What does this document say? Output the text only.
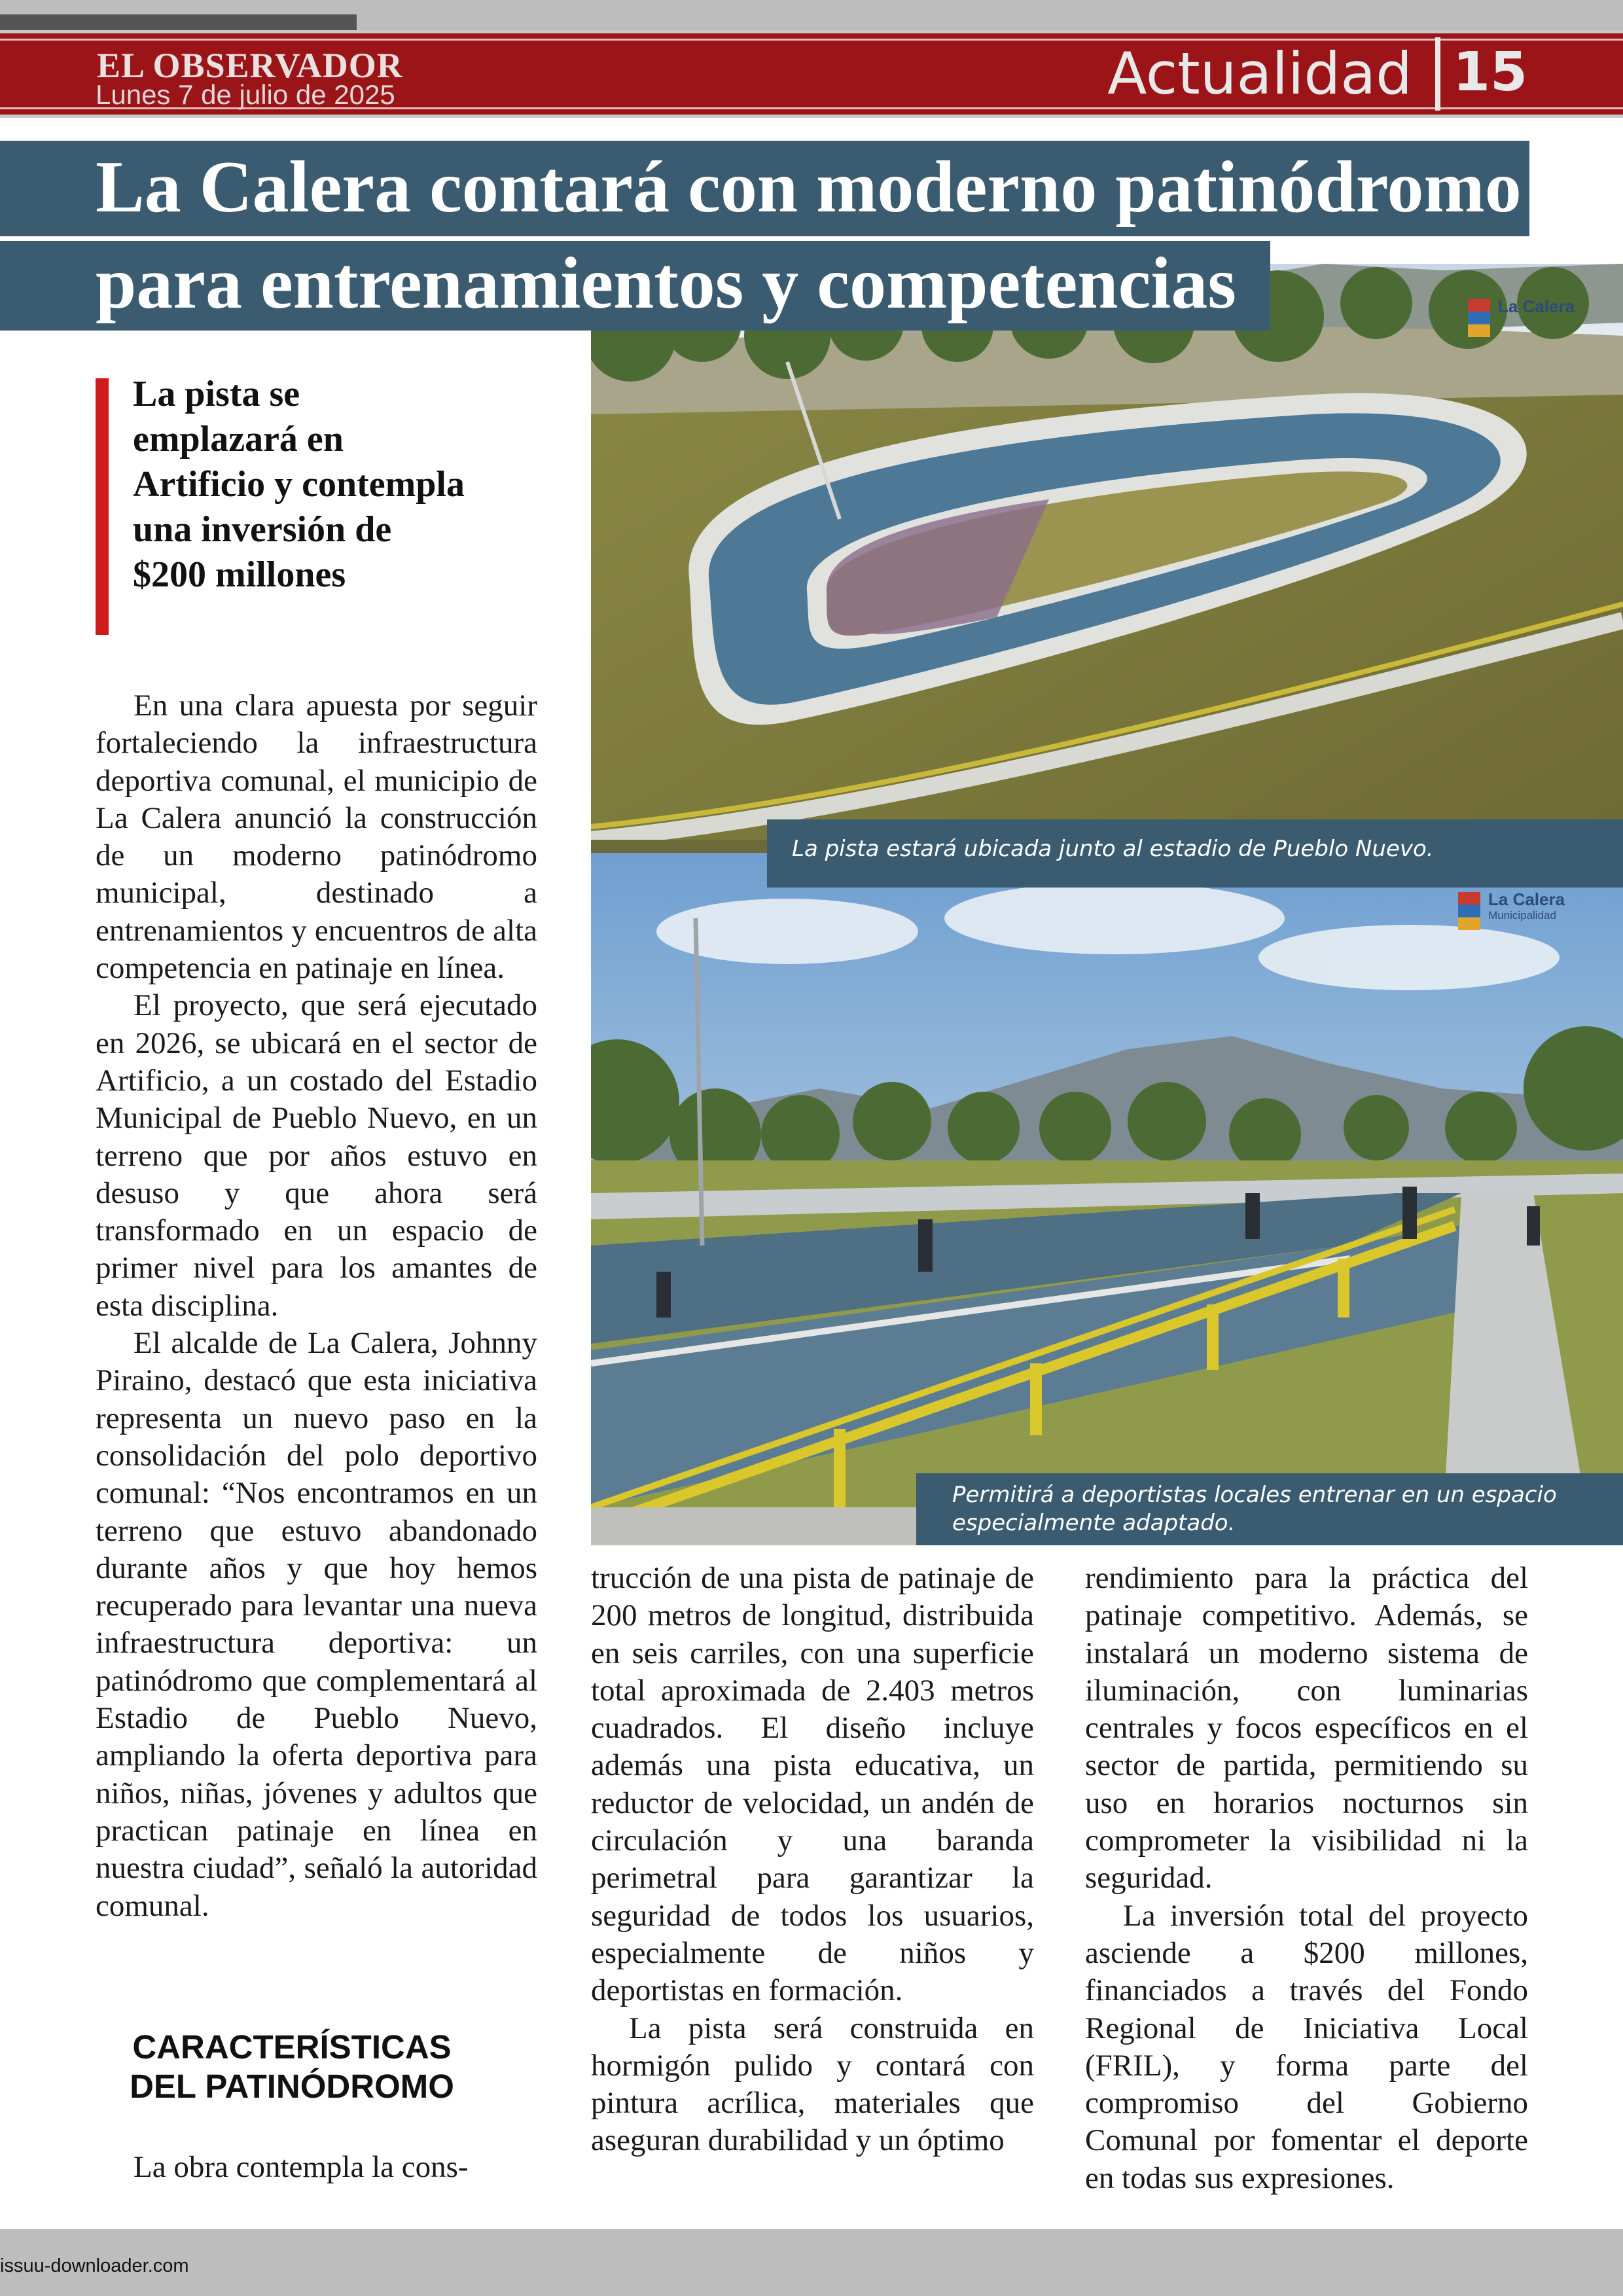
EL OBSERVADOR
Lunes 7 de julio de 2025	Actualidad 15
La Calera
La Calera
Municipalidad
La pista estará ubicada junto al estadio de Pueblo Nuevo.
Permitirá a deportistas locales entrenar en un espacio especialmente adaptado.
La Calera contará con moderno patinódromo
para entrenamientos y competencias
La pista se emplazará en Artificio y contempla una inversión de $200 millones

En una clara apuesta por seguir fortaleciendo la infraestructura deportiva comunal, el municipio de La Calera anunció la construcción de un moderno patinódromo municipal, destinado a entrenamientos y encuentros de alta competencia en patinaje en línea.

El proyecto, que será ejecutado en 2026, se ubicará en el sector de Artificio, a un costado del Estadio Municipal de Pueblo Nuevo, en un terreno que por años estuvo en desuso y que ahora será transformado en un espacio de primer nivel para los amantes de esta disciplina.

El alcalde de La Calera, Johnny Piraino, destacó que esta iniciativa representa un nuevo paso en la consolidación del polo deportivo comunal: “Nos encontramos en un terreno que estuvo abandonado durante años y que hoy hemos recuperado para levantar una nueva infraestructura deportiva: un patinódromo que complementará al Estadio de Pueblo Nuevo, ampliando la oferta deportiva para niños, niñas, jóvenes y adultos que practican patinaje en línea en nuestra ciudad”, señaló la autoridad comunal.

CARACTERÍSTICAS DEL PATINÓDROMO

La obra contempla la cons-

trucción de una pista de patinaje de 200 metros de longitud, distribuida en seis carriles, con una superficie total aproximada de 2.403 metros cuadrados. El diseño incluye además una pista educativa, un reductor de velocidad, un andén de circulación y una baranda perimetral para garantizar la seguridad de todos los usuarios, especialmente de niños y deportistas en formación.

La pista será construida en hormigón pulido y contará con pintura acrílica, materiales que aseguran durabilidad y un óptimo

rendimiento para la práctica del patinaje competitivo. Además, se instalará un moderno sistema de iluminación, con luminarias centrales y focos específicos en el sector de partida, permitiendo su uso en horarios nocturnos sin comprometer la visibilidad ni la seguridad.

La inversión total del proyecto asciende a $200 millones, financiados a través del Fondo Regional de Iniciativa Local (FRIL), y forma parte del compromiso del Gobierno Comunal por fomentar el deporte en todas sus expresiones.

issuu-downloader.com
